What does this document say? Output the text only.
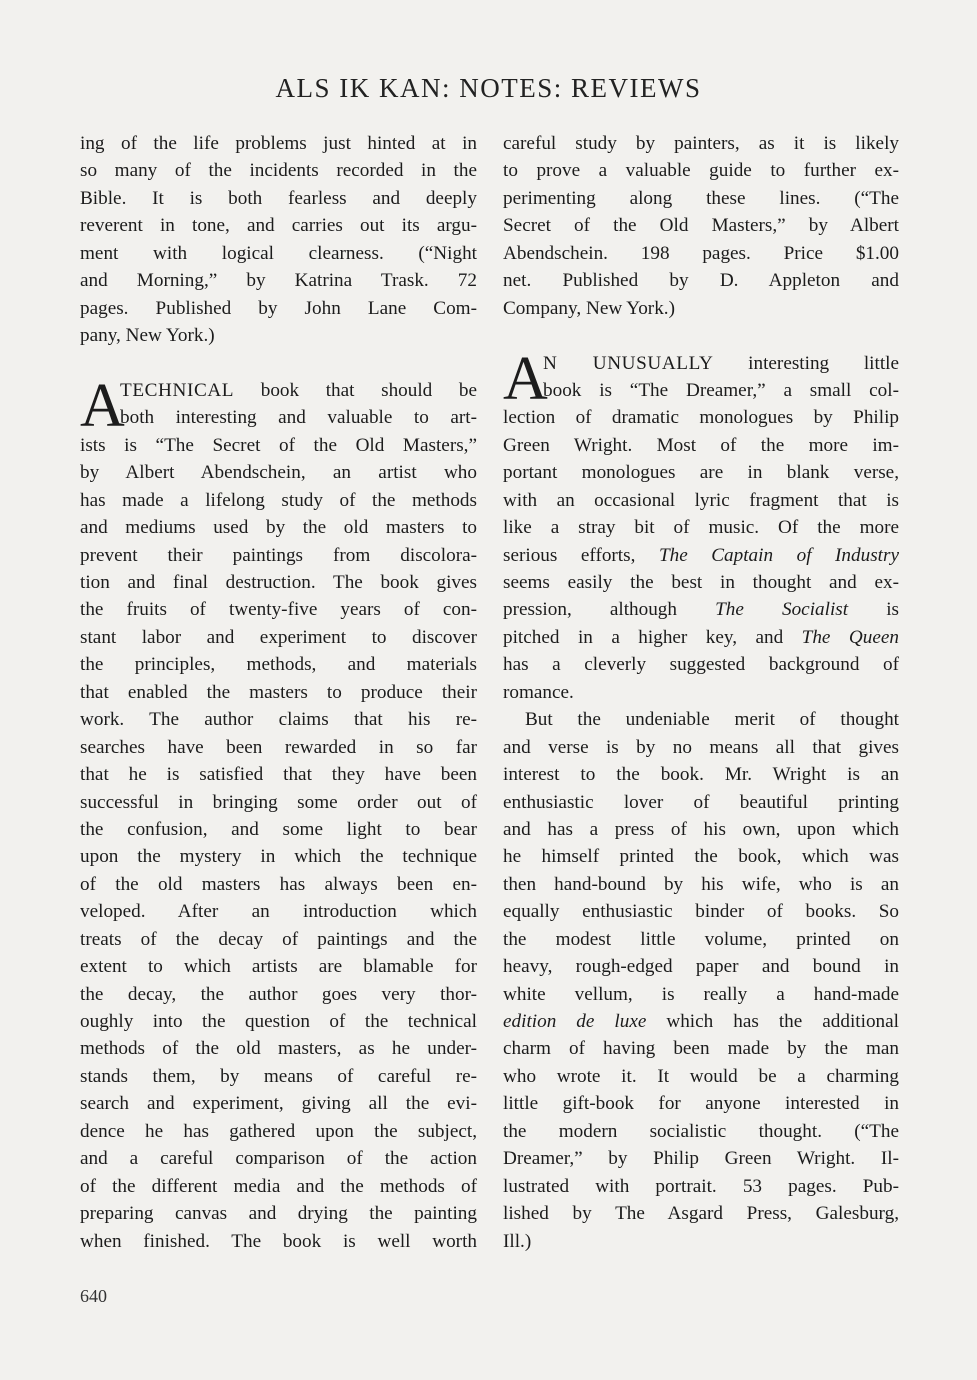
ALS IK KAN: NOTES: REVIEWS
ing of the life problems just hinted at in
so many of the incidents recorded in the
Bible. It is both fearless and deeply
reverent in tone, and carries out its argu-
ment with logical clearness. (“Night
and Morning,” by Katrina Trask. 72
pages. Published by John Lane Com-
pany, New York.)
A
TECHNICAL book that should be
both interesting and valuable to art-
ists is “The Secret of the Old Masters,”
by Albert Abendschein, an artist who
has made a lifelong study of the methods
and mediums used by the old masters to
prevent their paintings from discolora-
tion and final destruction. The book gives
the fruits of twenty-five years of con-
stant labor and experiment to discover
the principles, methods, and materials
that enabled the masters to produce their
work. The author claims that his re-
searches have been rewarded in so far
that he is satisfied that they have been
successful in bringing some order out of
the confusion, and some light to bear
upon the mystery in which the technique
of the old masters has always been en-
veloped. After an introduction which
treats of the decay of paintings and the
extent to which artists are blamable for
the decay, the author goes very thor-
oughly into the question of the technical
methods of the old masters, as he under-
stands them, by means of careful re-
search and experiment, giving all the evi-
dence he has gathered upon the subject,
and a careful comparison of the action
of the different media and the methods of
preparing canvas and drying the painting
when finished. The book is well worth
careful study by painters, as it is likely
to prove a valuable guide to further ex-
perimenting along these lines. (“The
Secret of the Old Masters,” by Albert
Abendschein. 198 pages. Price $1.00
net. Published by D. Appleton and
Company, New York.)
A
N UNUSUALLY interesting little
book is “The Dreamer,” a small col-
lection of dramatic monologues by Philip
Green Wright. Most of the more im-
portant monologues are in blank verse,
with an occasional lyric fragment that is
like a stray bit of music. Of the more
serious efforts, The Captain of Industry
seems easily the best in thought and ex-
pression, although The Socialist is
pitched in a higher key, and The Queen
has a cleverly suggested background of
romance.
But the undeniable merit of thought
and verse is by no means all that gives
interest to the book. Mr. Wright is an
enthusiastic lover of beautiful printing
and has a press of his own, upon which
he himself printed the book, which was
then hand-bound by his wife, who is an
equally enthusiastic binder of books. So
the modest little volume, printed on
heavy, rough-edged paper and bound in
white vellum, is really a hand-made
edition de luxe which has the additional
charm of having been made by the man
who wrote it. It would be a charming
little gift-book for anyone interested in
the modern socialistic thought. (“The
Dreamer,” by Philip Green Wright. Il-
lustrated with portrait. 53 pages. Pub-
lished by The Asgard Press, Galesburg,
Ill.)
640
